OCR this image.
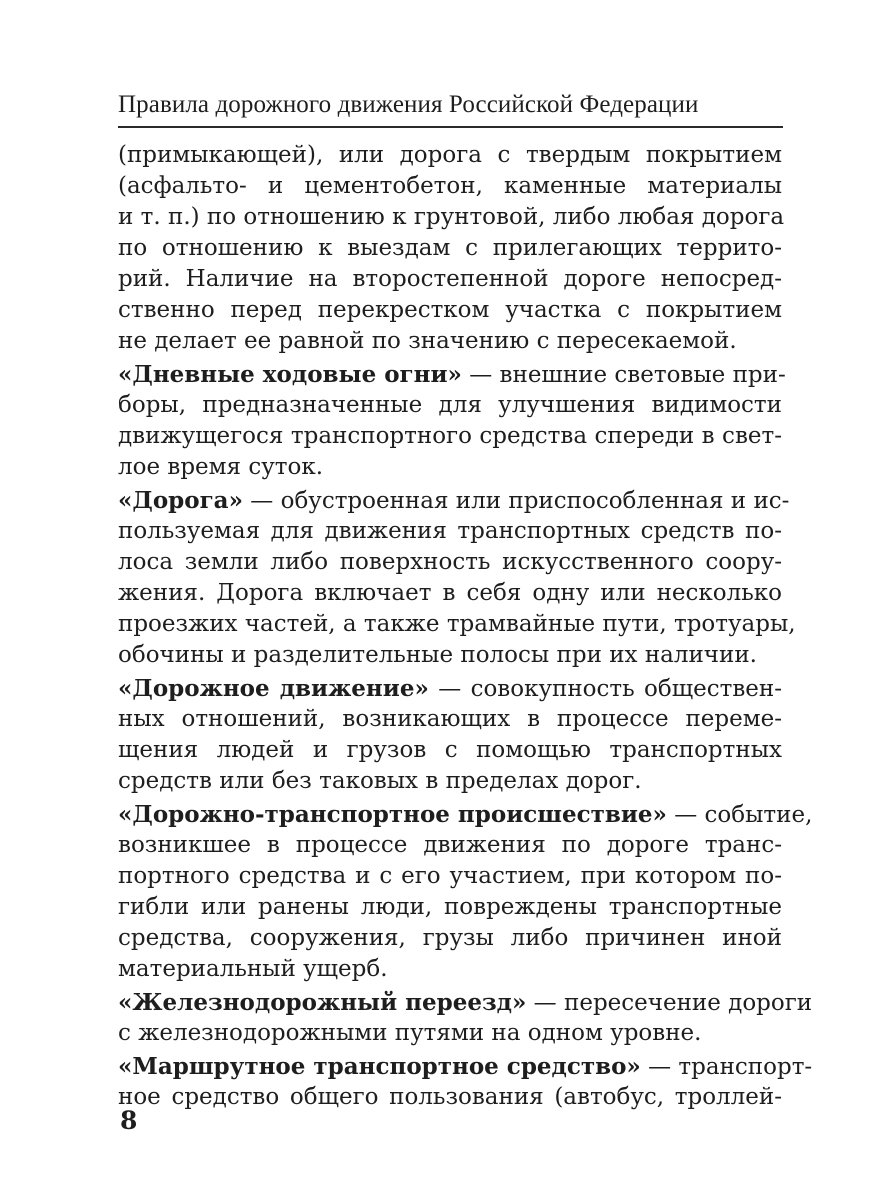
Правила дорожного движения Российской Федерации
(примыкающей), или дорога с твердым покрытием
(асфальто- и цементобетон, каменные материалы
и т. п.) по отношению к грунтовой, либо любая дорога
по отношению к выездам с прилегающих террито-
рий. Наличие на второстепенной дороге непосред-
ственно перед перекрестком участка с покрытием
не делает ее равной по значению с пересекаемой.
«Дневные ходовые огни» — внешние световые при-
боры, предназначенные для улучшения видимости
движущегося транспортного средства спереди в свет-
лое время суток.
«Дорога» — обустроенная или приспособленная и ис-
пользуемая для движения транспортных средств по-
лоса земли либо поверхность искусственного соору-
жения. Дорога включает в себя одну или несколько
проезжих частей, а также трамвайные пути, тротуары,
обочины и разделительные полосы при их наличии.
«Дорожное движение» — совокупность обществен-
ных отношений, возникающих в процессе переме-
щения людей и грузов с помощью транспортных
средств или без таковых в пределах дорог.
«Дорожно-транспортное происшествие» — событие,
возникшее в процессе движения по дороге транс-
портного средства и с его участием, при котором по-
гибли или ранены люди, повреждены транспортные
средства, сооружения, грузы либо причинен иной
материальный ущерб.
«Железнодорожный переезд» — пересечение дороги
с железнодорожными путями на одном уровне.
«Маршрутное транспортное средство» — транспорт-
ное средство общего пользования (автобус, троллей-
8
